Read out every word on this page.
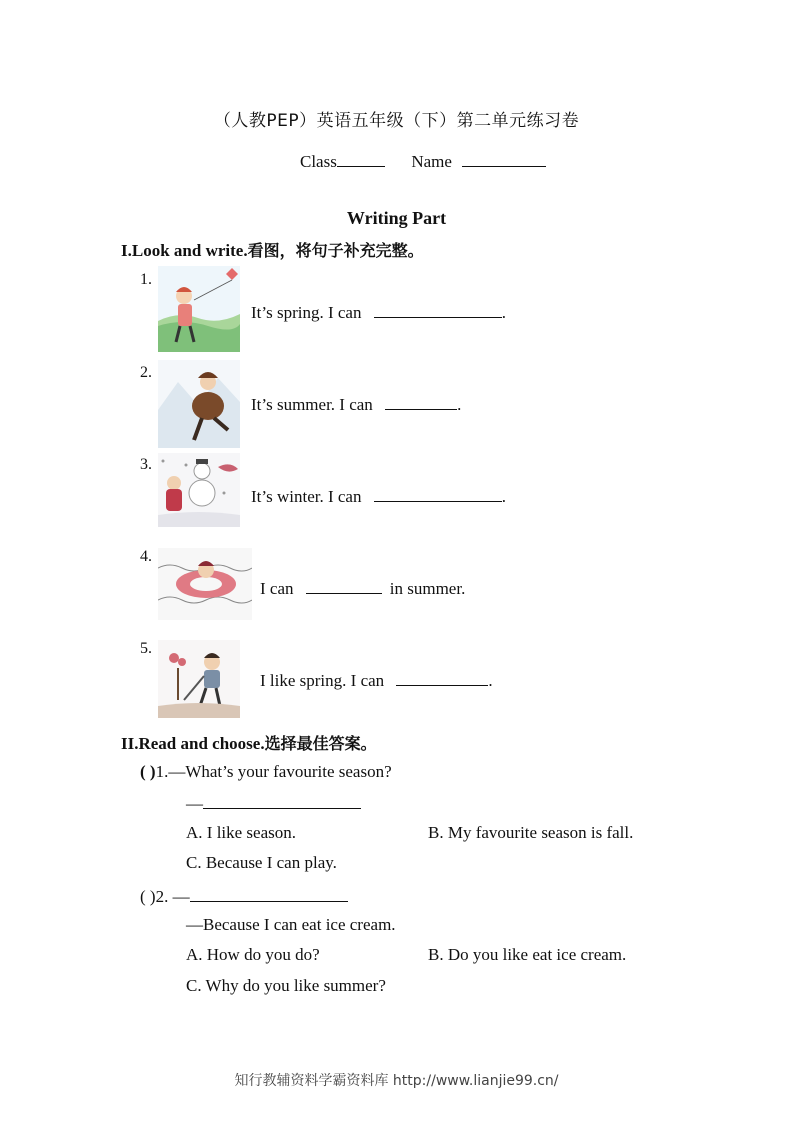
（人教PEP）英语五年级（下）第二单元练习卷
Class	Name
Writing Part
I.Look and write.看图，将句子补充完整。
1.
It’s spring. I can	.
2.
It’s summer. I can	.
3.
It’s winter. I can	.
4.
I can	in summer.
5.
I like spring. I can	.
II.Read and choose.选择最佳答案。
( )1.—What’s your favourite season?
—
A. I like season.	B. My favourite season is fall.
C. Because I can play.
( )2. —
—Because I can eat ice cream.
A. How do you do?	B. Do you like eat ice cream.
C. Why do you like summer?
知行教辅资料学霸资料库 http://www.lianjie99.cn/
